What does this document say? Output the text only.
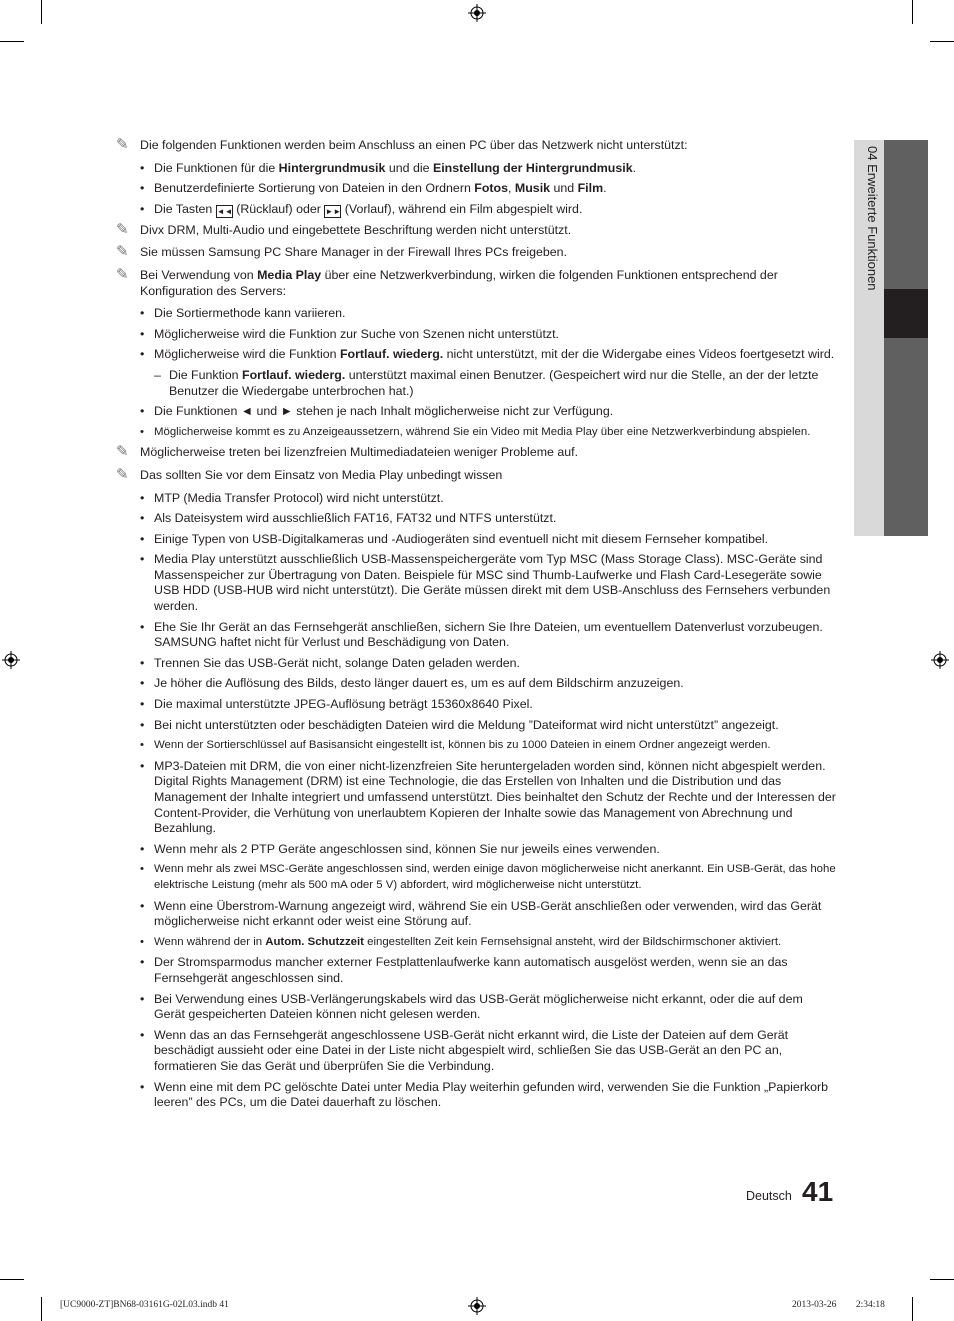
04 Erweiterte Funktionen
✎ Die folgenden Funktionen werden beim Anschluss an einen PC über das Netzwerk nicht unterstützt:
• Die Funktionen für die Hintergrundmusik und die Einstellung der Hintergrundmusik.
• Benutzerdefinierte Sortierung von Dateien in den Ordnern Fotos, Musik und Film.
• Die Tasten ◄◄ (Rücklauf) oder ►► (Vorlauf), während ein Film abgespielt wird.
✎ Divx DRM, Multi-Audio und eingebettete Beschriftung werden nicht unterstützt.
✎ Sie müssen Samsung PC Share Manager in der Firewall Ihres PCs freigeben.
✎ Bei Verwendung von Media Play über eine Netzwerkverbindung, wirken die folgenden Funktionen entsprechend der Konfiguration des Servers:
• Die Sortiermethode kann variieren.
• Möglicherweise wird die Funktion zur Suche von Szenen nicht unterstützt.
• Möglicherweise wird die Funktion Fortlauf. wiederg. nicht unterstützt, mit der die Widergabe eines Videos foertgesetzt wird.
– Die Funktion Fortlauf. wiederg. unterstützt maximal einen Benutzer. (Gespeichert wird nur die Stelle, an der der letzte Benutzer die Wiedergabe unterbrochen hat.)
• Die Funktionen ◄ und ► stehen je nach Inhalt möglicherweise nicht zur Verfügung.
• Möglicherweise kommt es zu Anzeigeaussetzern, während Sie ein Video mit Media Play über eine Netzwerkverbindung abspielen.
✎ Möglicherweise treten bei lizenzfreien Multimediadateien weniger Probleme auf.
✎ Das sollten Sie vor dem Einsatz von Media Play unbedingt wissen
• MTP (Media Transfer Protocol) wird nicht unterstützt.
• Als Dateisystem wird ausschließlich FAT16, FAT32 und NTFS unterstützt.
• Einige Typen von USB-Digitalkameras und -Audiogeräten sind eventuell nicht mit diesem Fernseher kompatibel.
• Media Play unterstützt ausschließlich USB-Massenspeichergeräte vom Typ MSC (Mass Storage Class). MSC-Geräte sind Massenspeicher zur Übertragung von Daten. Beispiele für MSC sind Thumb-Laufwerke und Flash Card-Lesegeräte sowie USB HDD (USB-HUB wird nicht unterstützt). Die Geräte müssen direkt mit dem USB-Anschluss des Fernsehers verbunden werden.
• Ehe Sie Ihr Gerät an das Fernsehgerät anschließen, sichern Sie Ihre Dateien, um eventuellem Datenverlust vorzubeugen. SAMSUNG haftet nicht für Verlust und Beschädigung von Daten.
• Trennen Sie das USB-Gerät nicht, solange Daten geladen werden.
• Je höher die Auflösung des Bilds, desto länger dauert es, um es auf dem Bildschirm anzuzeigen.
• Die maximal unterstützte JPEG-Auflösung beträgt 15360x8640 Pixel.
• Bei nicht unterstützten oder beschädigten Dateien wird die Meldung ”Dateiformat wird nicht unterstützt” angezeigt.
• Wenn der Sortierschlüssel auf Basisansicht eingestellt ist, können bis zu 1000 Dateien in einem Ordner angezeigt werden.
• MP3-Dateien mit DRM, die von einer nicht-lizenzfreien Site heruntergeladen worden sind, können nicht abgespielt werden. Digital Rights Management (DRM) ist eine Technologie, die das Erstellen von Inhalten und die Distribution und das Management der Inhalte integriert und umfassend unterstützt. Dies beinhaltet den Schutz der Rechte und der Interessen der Content-Provider, die Verhütung von unerlaubtem Kopieren der Inhalte sowie das Management von Abrechnung und Bezahlung.
• Wenn mehr als 2 PTP Geräte angeschlossen sind, können Sie nur jeweils eines verwenden.
• Wenn mehr als zwei MSC-Geräte angeschlossen sind, werden einige davon möglicherweise nicht anerkannt. Ein USB-Gerät, das hohe elektrische Leistung (mehr als 500 mA oder 5 V) abfordert, wird möglicherweise nicht unterstützt.
• Wenn eine Überstrom-Warnung angezeigt wird, während Sie ein USB-Gerät anschließen oder verwenden, wird das Gerät möglicherweise nicht erkannt oder weist eine Störung auf.
• Wenn während der in Autom. Schutzzeit eingestellten Zeit kein Fernsehsignal ansteht, wird der Bildschirmschoner aktiviert.
• Der Stromsparmodus mancher externer Festplattenlaufwerke kann automatisch ausgelöst werden, wenn sie an das Fernsehgerät angeschlossen sind.
• Bei Verwendung eines USB-Verlängerungskabels wird das USB-Gerät möglicherweise nicht erkannt, oder die auf dem Gerät gespeicherten Dateien können nicht gelesen werden.
• Wenn das an das Fernsehgerät angeschlossene USB-Gerät nicht erkannt wird, die Liste der Dateien auf dem Gerät beschädigt aussieht oder eine Datei in der Liste nicht abgespielt wird, schließen Sie das USB-Gerät an den PC an, formatieren Sie das Gerät und überprüfen Sie die Verbindung.
• Wenn eine mit dem PC gelöschte Datei unter Media Play weiterhin gefunden wird, verwenden Sie die Funktion „Papierkorb leeren” des PCs, um die Datei dauerhaft zu löschen.
Deutsch 41
[UC9000-ZT]BN68-03161G-02L03.indb 41	2013-03-26 ￿￿ 2:34:18
